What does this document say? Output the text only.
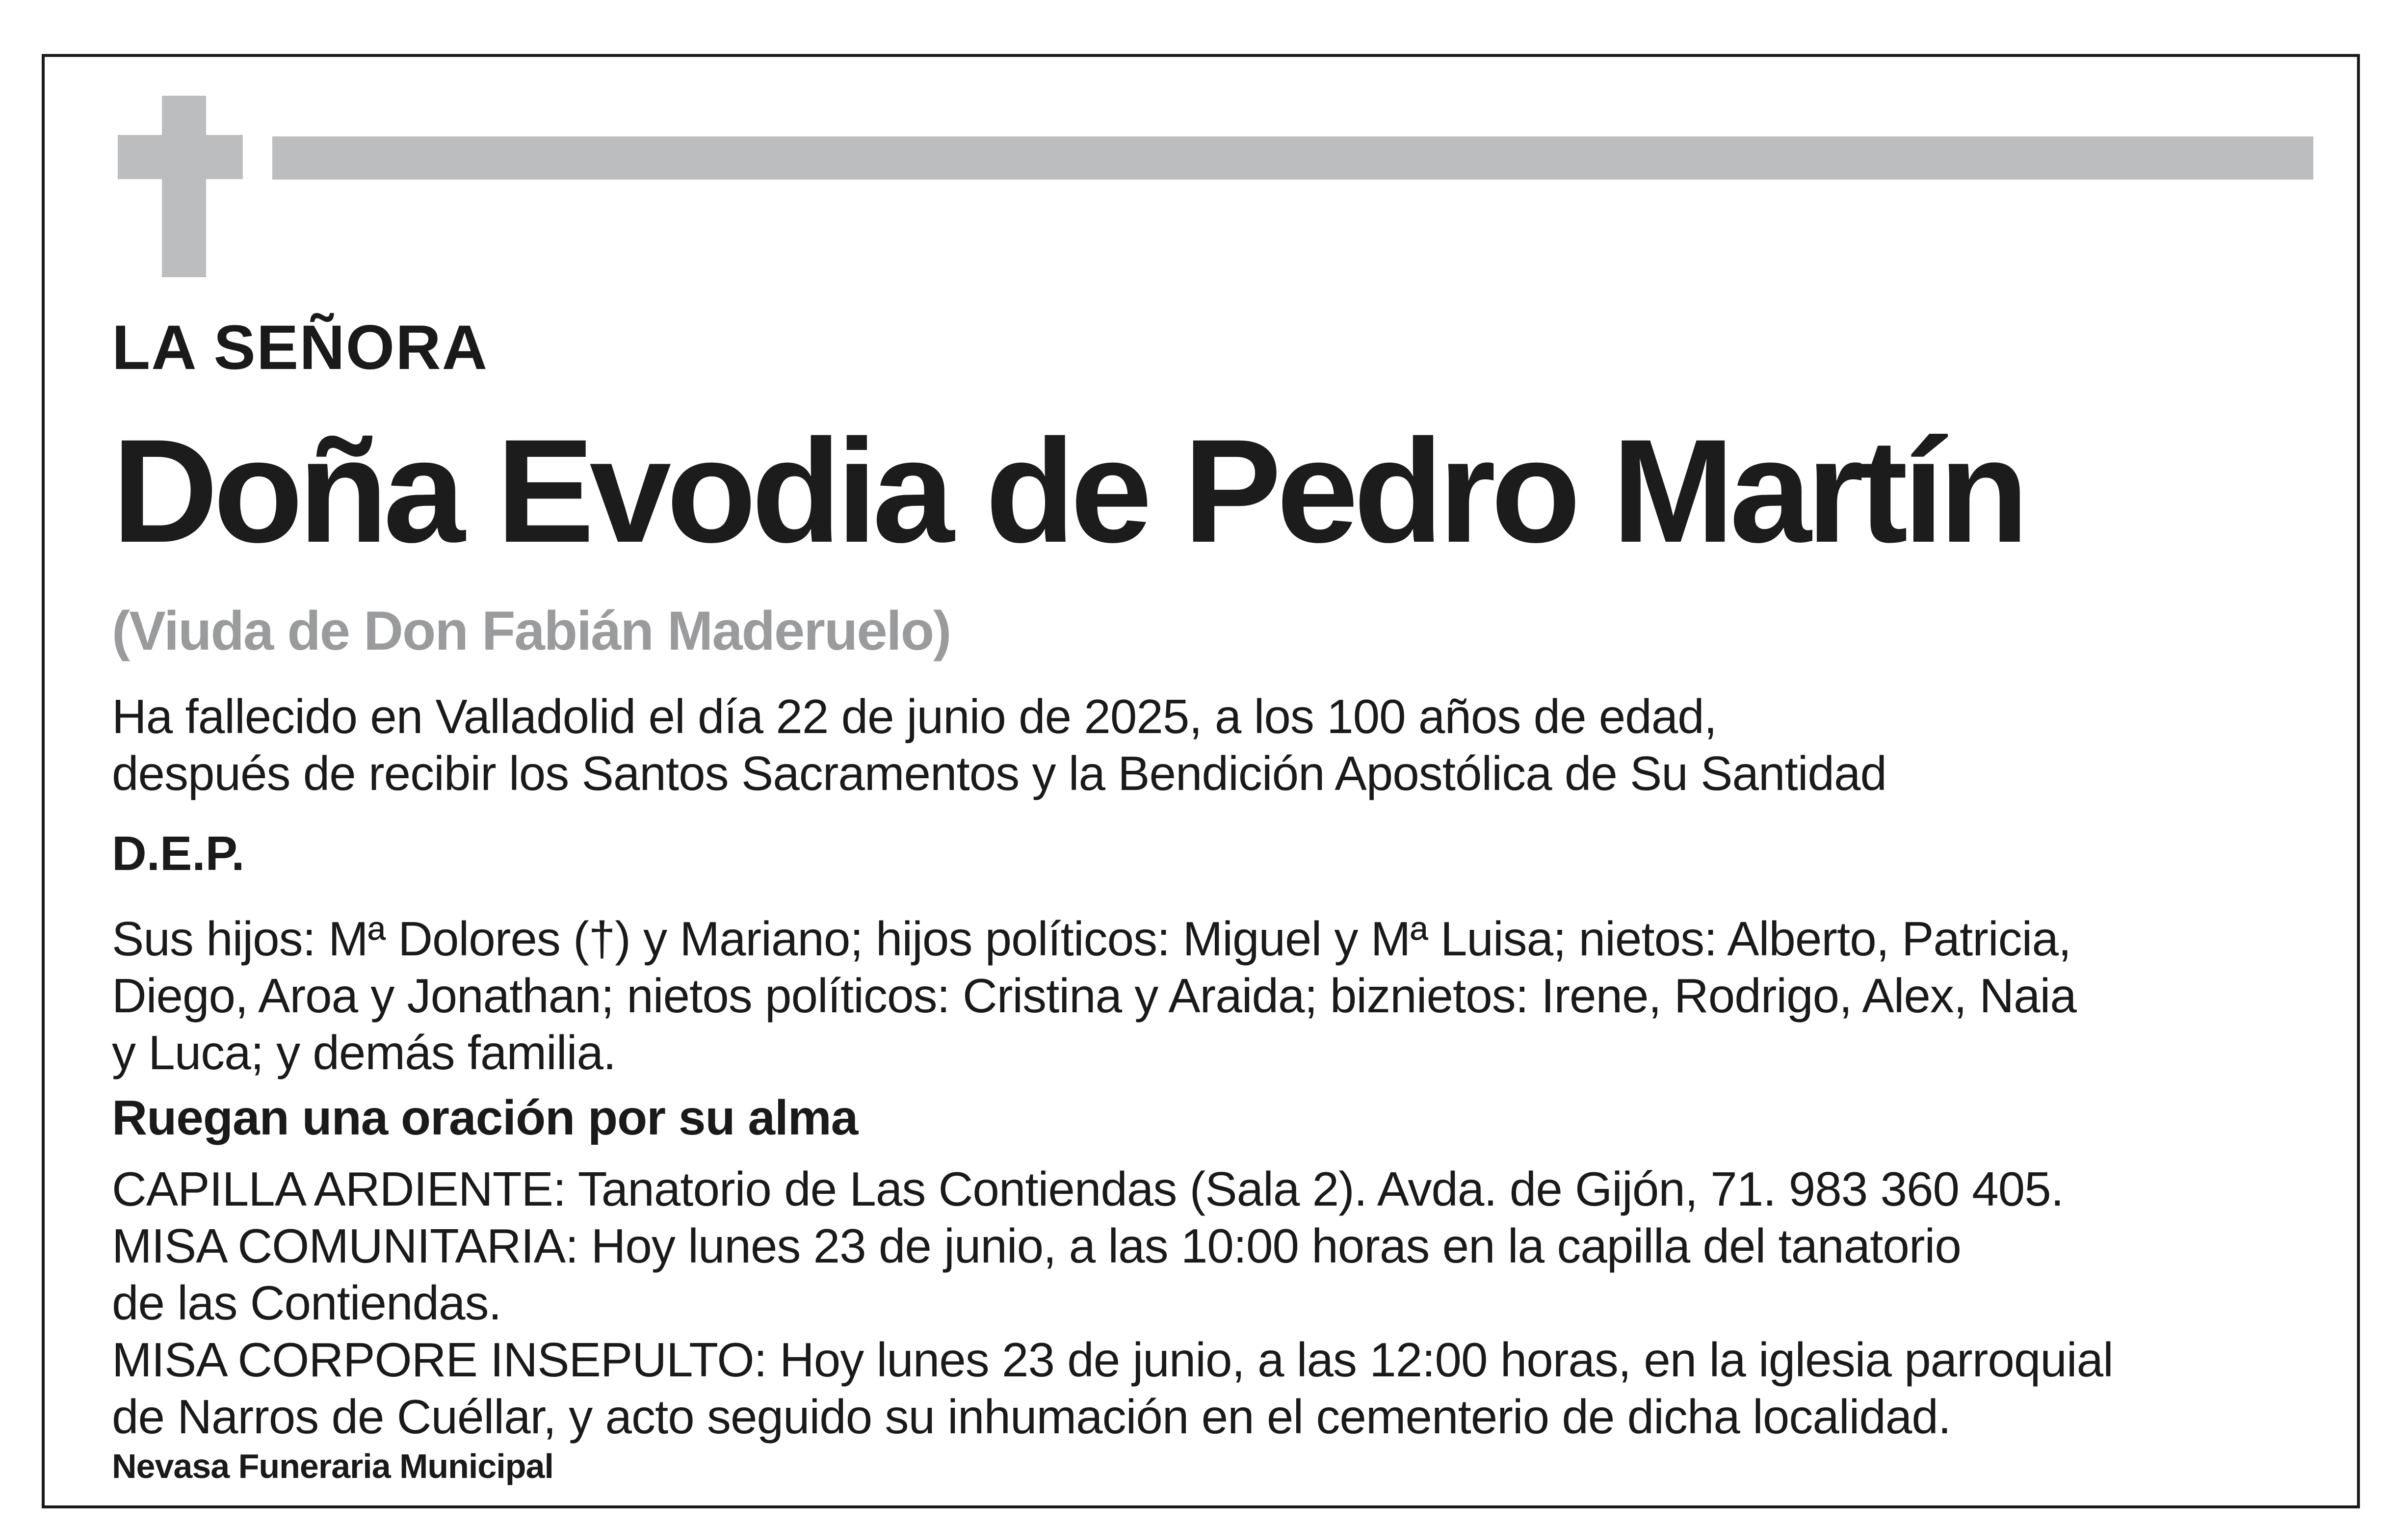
LA SEÑORA

Doña Evodia de Pedro Martín

(Viuda de Don Fabián Maderuelo)

Ha fallecido en Valladolid el día 22 de junio de 2025, a los 100 años de edad,
después de recibir los Santos Sacramentos y la Bendición Apostólica de Su Santidad

D.E.P.

Sus hijos: Mª Dolores (†) y Mariano; hijos políticos: Miguel y Mª Luisa; nietos: Alberto, Patricia,
Diego, Aroa y Jonathan; nietos políticos: Cristina y Araida; biznietos: Irene, Rodrigo, Alex, Naia
y Luca; y demás familia.

Ruegan una oración por su alma

CAPILLA ARDIENTE: Tanatorio de Las Contiendas (Sala 2). Avda. de Gijón, 71. 983 360 405.
MISA COMUNITARIA: Hoy lunes 23 de junio, a las 10:00 horas en la capilla del tanatorio
de las Contiendas.
MISA CORPORE INSEPULTO: Hoy lunes 23 de junio, a las 12:00 horas, en la iglesia parroquial
de Narros de Cuéllar, y acto seguido su inhumación en el cementerio de dicha localidad.

Nevasa Funeraria Municipal
